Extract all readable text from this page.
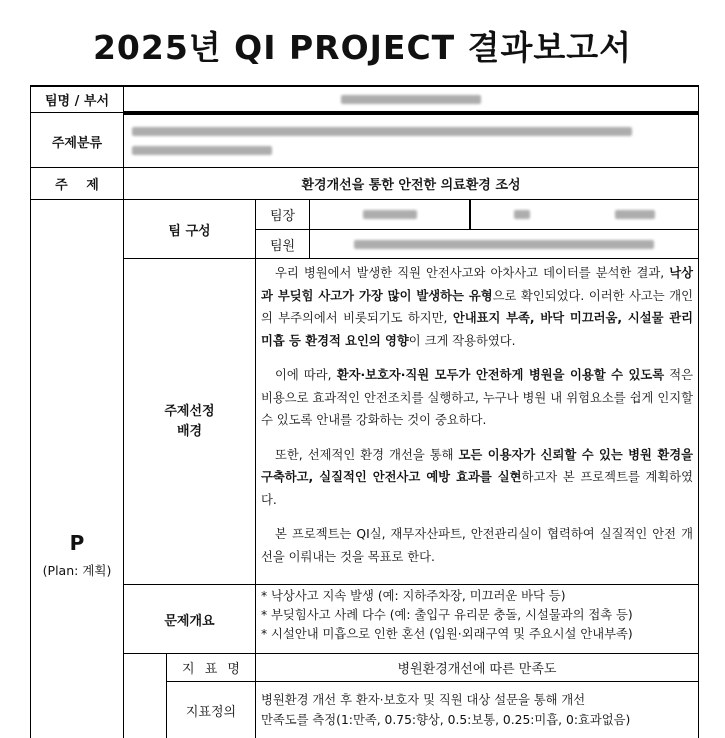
2025년 QI PROJECT 결과보고서
팀명 / 부서
주제분류
주 제	환경개선을 통한 안전한 의료환경 조성
P
(Plan: 계획)
팀 구성
팀장
팀원
주제선정
배경

우리 병원에서 발생한 직원 안전사고와 아차사고 데이터를 분석한 결과, 낙상과 부딪힘 사고가 가장 많이 발생하는 유형으로 확인되었다. 이러한 사고는 개인의 부주의에서 비롯되기도 하지만, 안내표지 부족, 바닥 미끄러움, 시설물 관리 미흡 등 환경적 요인의 영향이 크게 작용하였다.

이에 따라, 환자·보호자·직원 모두가 안전하게 병원을 이용할 수 있도록 적은 비용으로 효과적인 안전조치를 실행하고, 누구나 병원 내 위험요소를 쉽게 인지할 수 있도록 안내를 강화하는 것이 중요하다.

또한, 선제적인 환경 개선을 통해 모든 이용자가 신뢰할 수 있는 병원 환경을 구축하고, 실질적인 안전사고 예방 효과를 실현하고자 본 프로젝트를 계획하였다.

본 프로젝트는 QI실, 재무자산파트, 안전관리실이 협력하여 실질적인 안전 개선을 이뤄내는 것을 목표로 한다.

문제개요
* 낙상사고 지속 발생 (예: 지하주차장, 미끄러운 바닥 등)
* 부딪힘사고 사례 다수 (예: 출입구 유리문 충돌, 시설물과의 접촉 등)
* 시설안내 미흡으로 인한 혼선 (입원·외래구역 및 주요시설 안내부족)
지 표 명	병원환경개선에 따른 만족도
지표정의
병원환경 개선 후 환자·보호자 및 직원 대상 설문을 통해 개선
만족도를 측정(1:만족, 0.75:향상, 0.5:보통, 0.25:미흡, 0:효과없음)
